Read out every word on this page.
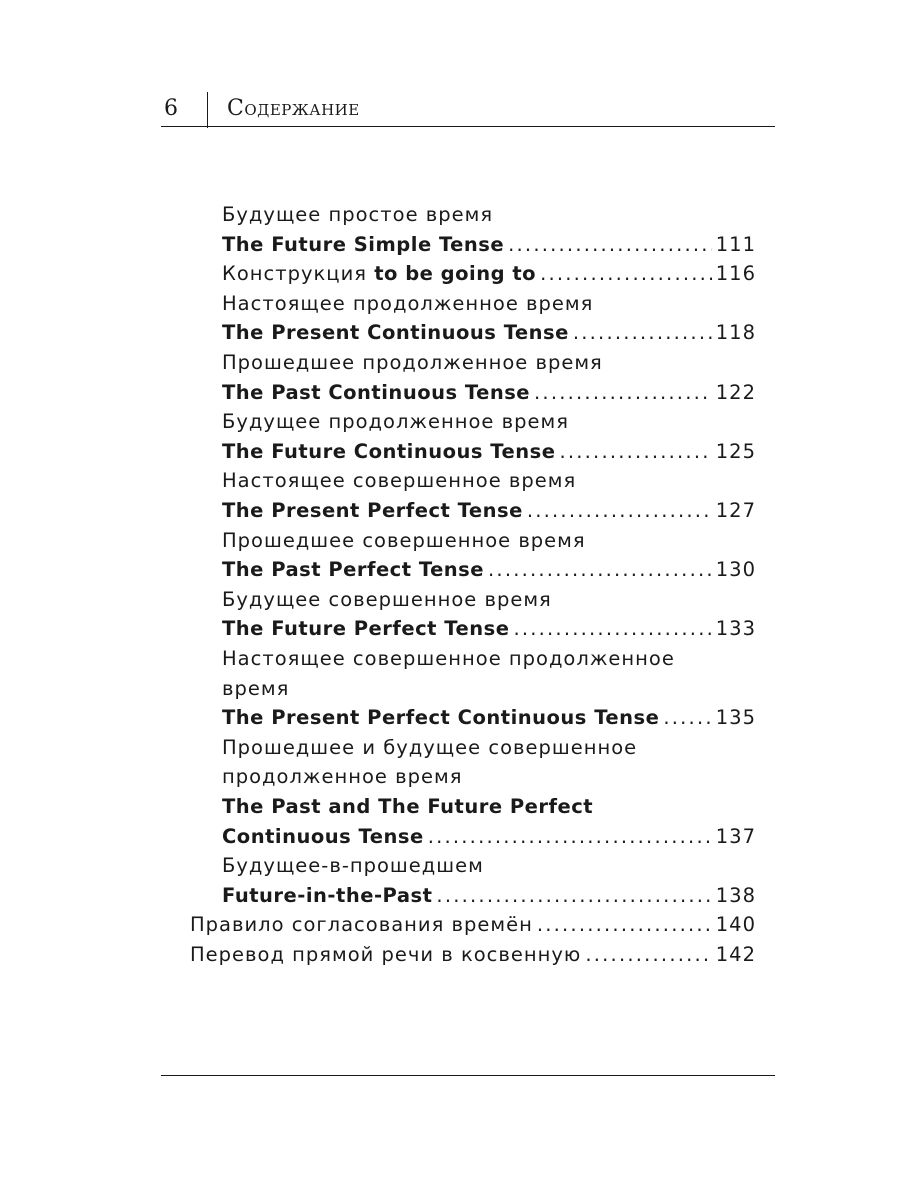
6 Содержание
Будущее простое время
The Future Simple Tense .....	111
Конструкция to be going to .....	116
Настоящее продолженное время
The Present Continuous Tense .....	118
Прошедшее продолженное время
The Past Continuous Tense .....	122
Будущее продолженное время
The Future Continuous Tense .....	125
Настоящее совершенное время
The Present Perfect Tense .....	127
Прошедшее совершенное время
The Past Perfect Tense .....	130
Будущее совершенное время
The Future Perfect Tense .....	133
Настоящее совершенное продолженное
время
The Present Perfect Continuous Tense .....	135
Прошедшее и будущее совершенное
продолженное время
The Past and The Future Perfect
Continuous Tense .....	137
Будущее-в-прошедшем
Future-in-the-Past .....	138
Правило согласования времён .....	140
Перевод прямой речи в косвенную .....	142
